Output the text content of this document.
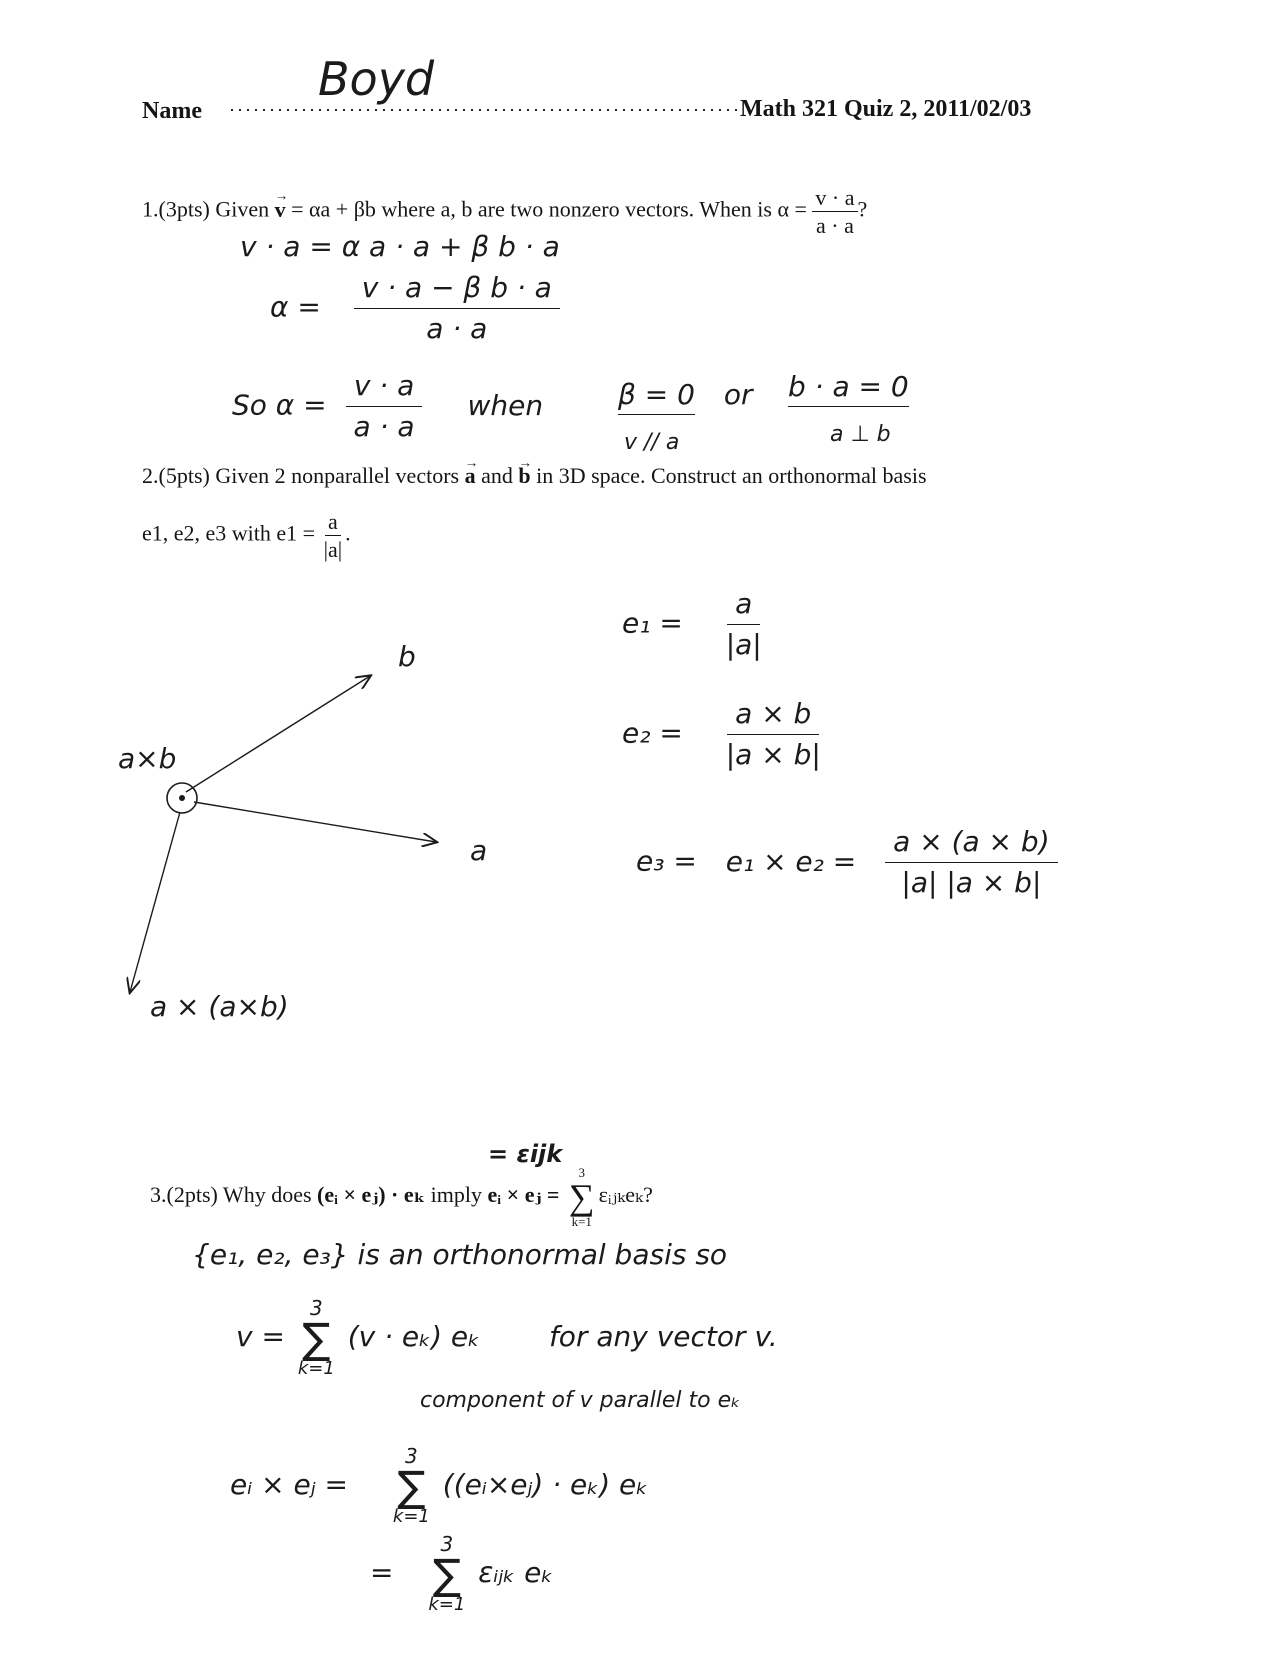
Name
Boyd
Math 321 Quiz 2, 2011/02/03
1.(3pts) Given → v = αa + βb where a, b are two nonzero vectors. When is $\alpha = \frac{v \cdot a}{a \cdot a}$ ?
v · a = α a · a + β b · a
$\alpha = \frac{\text{v · a − β b · a}}{a \cdot a}$
So $\alpha = \frac{v \cdot a}{a \cdot a}$ when	β = 0 or
v // a
b · a = 0
a ⊥ b
2.(5pts) Given 2 nonparallel vectors → a and → b in 3D space. Construct an orthonormal basis
e1, e2, e3 with $e1 = \frac{a}{|a|}$ .
b
a
a×b
a × (a×b)
$e_1 = \frac{a}{|a|}$
$e_2 = \frac{a \times b}{|a \times b|}$
$e_3 = e_1 \times e_2 = \frac{a \times (a \times b)}{|a| |a \times b|}$
= εijk
3.(2pts) Why does (eᵢ × eⱼ) · eₖ imply eᵢ × eⱼ =
3
∑
k=1
εᵢⱼₖeₖ?
{e₁, e₂, e₃} is an orthonormal basis so
v =
3
∑
k=1
(v · eₖ) eₖ for any vector v.
component of v parallel to eₖ
eᵢ × eⱼ =
3
∑
k=1
((eᵢ×eⱼ) · eₖ) eₖ
=
3
∑
k=1
εᵢⱼₖ eₖ
